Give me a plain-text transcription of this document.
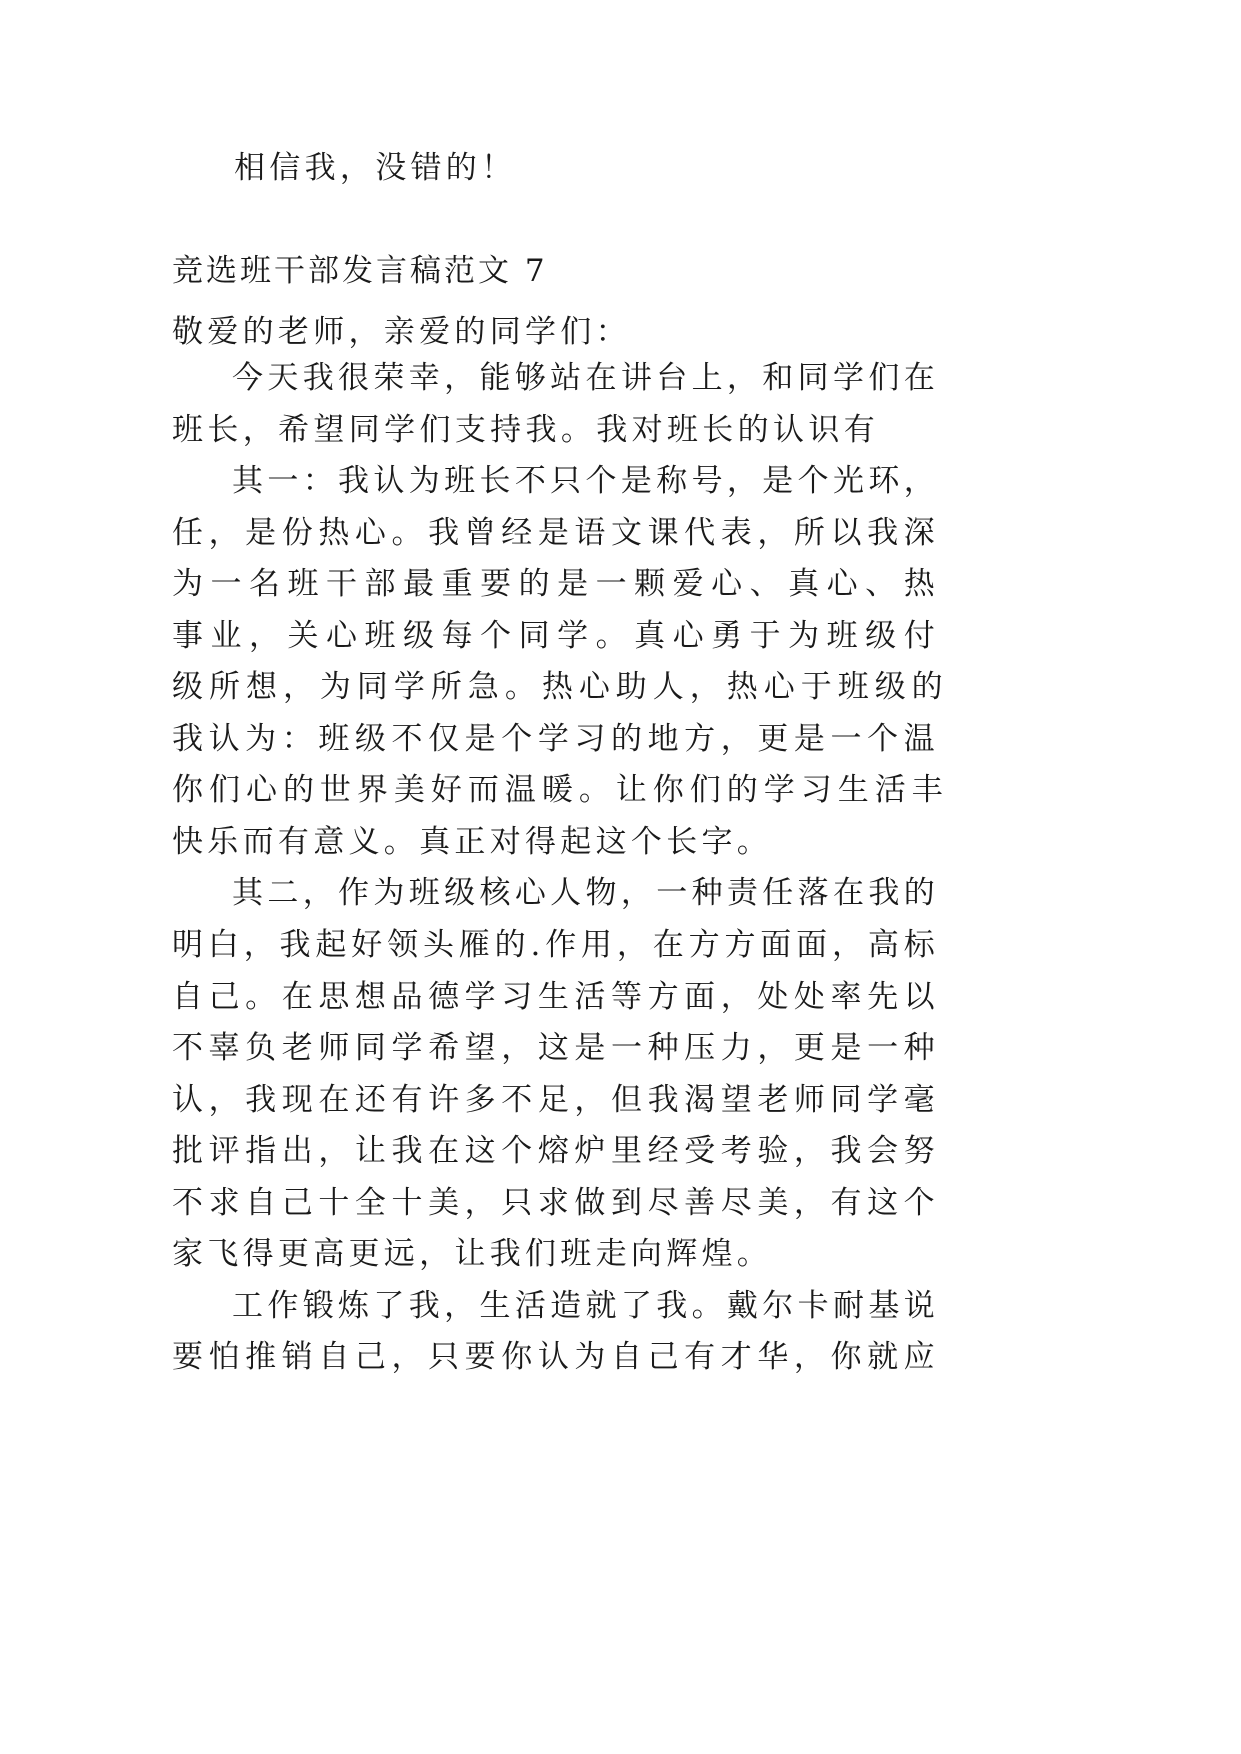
相信我，没错的！

竞选班干部发言稿范文 7

敬爱的老师，亲爱的同学们：

今天我很荣幸，能够站在讲台上，和同学们在

班长，希望同学们支持我。我对班长的认识有

其一：我认为班长不只个是称号，是个光环，

任，是份热心。我曾经是语文课代表，所以我深

为一名班干部最重要的是一颗爱心、真心、热

事业，关心班级每个同学。真心勇于为班级付

级所想，为同学所急。热心助人，热心于班级的

我认为：班级不仅是个学习的地方，更是一个温

你们心的世界美好而温暖。让你们的学习生活丰

快乐而有意义。真正对得起这个长字。

其二，作为班级核心人物，一种责任落在我的

明白，我起好领头雁的.作用，在方方面面，高标

自己。在思想品德学习生活等方面，处处率先以

不辜负老师同学希望，这是一种压力，更是一种

认，我现在还有许多不足，但我渴望老师同学毫

批评指出，让我在这个熔炉里经受考验，我会努

不求自己十全十美，只求做到尽善尽美，有这个

家飞得更高更远，让我们班走向辉煌。

工作锻炼了我，生活造就了我。戴尔卡耐基说

要怕推销自己，只要你认为自己有才华，你就应
